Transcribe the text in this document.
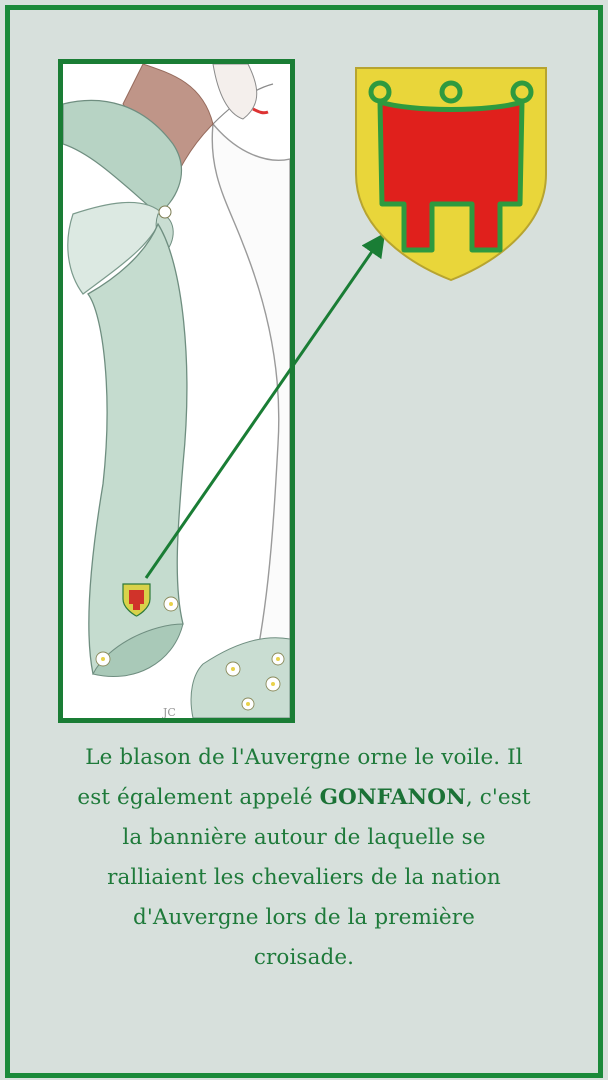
JC
Le blason de l'Auvergne orne le voile. Il
est également appelé GONFANON, c'est
la bannière autour de laquelle se
ralliaient les chevaliers de la nation
d'Auvergne lors de la première
croisade.
